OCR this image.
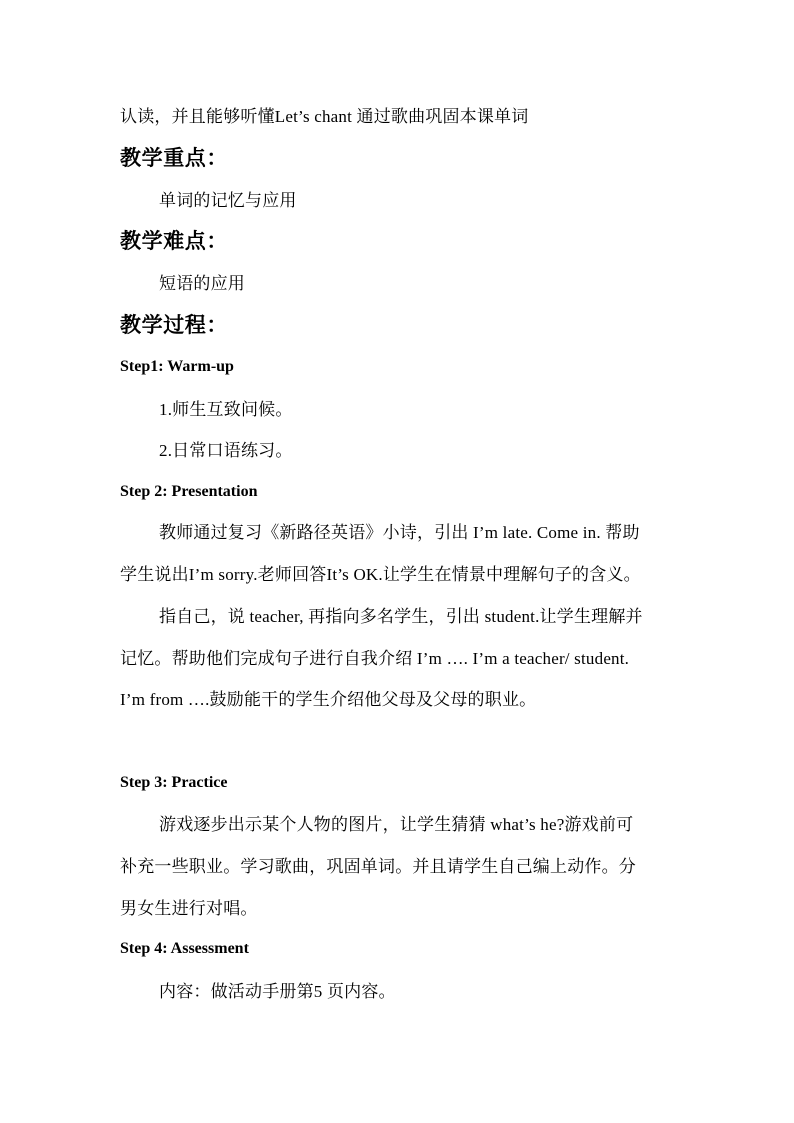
认读，并且能够听懂Let’s chant 通过歌曲巩固本课单词
教学重点：
单词的记忆与应用
教学难点：
短语的应用
教学过程：
Step1: Warm-up
1.师生互致问候。
2.日常口语练习。
Step 2: Presentation
教师通过复习《新路径英语》小诗，引出 I’m late. Come in. 帮助
学生说出I’m sorry.老师回答It’s OK.让学生在情景中理解句子的含义。
指自己，说 teacher, 再指向多名学生，引出 student.让学生理解并
记忆。帮助他们完成句子进行自我介绍 I’m …. I’m a teacher/ student.
I’m from ….鼓励能干的学生介绍他父母及父母的职业。
Step 3: Practice
游戏逐步出示某个人物的图片，让学生猜猜 what’s he?游戏前可
补充一些职业。学习歌曲，巩固单词。并且请学生自己编上动作。分
男女生进行对唱。
Step 4: Assessment
内容：做活动手册第5 页内容。
